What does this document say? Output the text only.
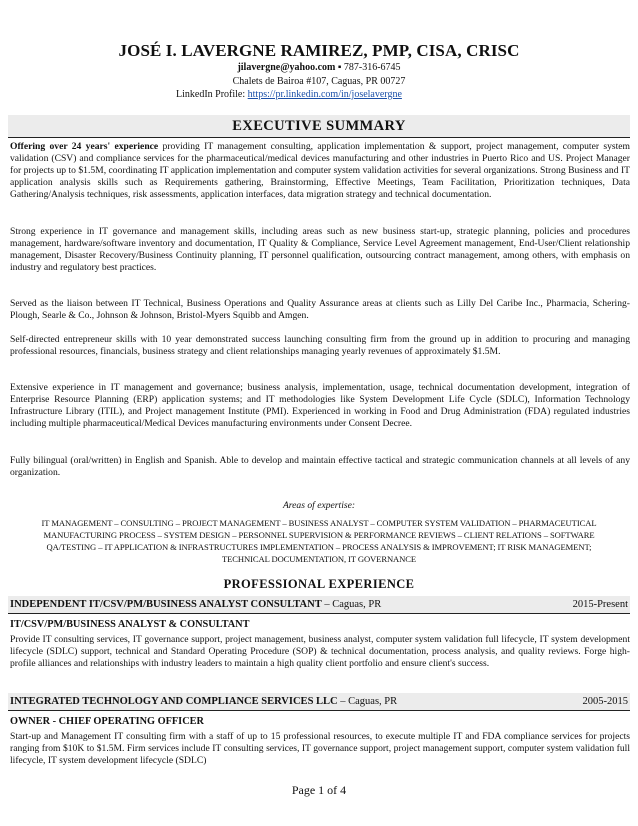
JOSÉ I. LAVERGNE RAMIREZ, PMP, CISA, CRISC
jilavergne@yahoo.com ▪ 787-316-6745
Chalets de Bairoa #107, Caguas, PR 00727
LinkedIn Profile: https://pr.linkedin.com/in/joselavergne
EXECUTIVE SUMMARY
Offering over 24 years' experience providing IT management consulting, application implementation & support, project management, computer system validation (CSV) and compliance services for the pharmaceutical/medical devices manufacturing and other industries in Puerto Rico and US. Project Manager for projects up to $1.5M, coordinating IT application implementation and computer system validation activities for several organizations. Strong Business and IT application analysis skills such as Requirements gathering, Brainstorming, Effective Meetings, Team Facilitation, Prioritization techniques, Data Gathering/Analysis techniques, risk assessments, application interfaces, data migration strategy and technical documentation.
Strong experience in IT governance and management skills, including areas such as new business start-up, strategic planning, policies and procedures management, hardware/software inventory and documentation, IT Quality & Compliance, Service Level Agreement management, End-User/Client relationship management, Disaster Recovery/Business Continuity planning, IT personnel qualification, outsourcing contract management, among others, with emphasis on industry and regulatory best practices.
Served as the liaison between IT Technical, Business Operations and Quality Assurance areas at clients such as Lilly Del Caribe Inc., Pharmacia, Schering-Plough, Searle & Co., Johnson & Johnson, Bristol-Myers Squibb and Amgen.
Self-directed entrepreneur skills with 10 year demonstrated success launching consulting firm from the ground up in addition to procuring and managing professional resources, financials, business strategy and client relationships managing yearly revenues of approximately $1.5M.
Extensive experience in IT management and governance; business analysis, implementation, usage, technical documentation development, integration of Enterprise Resource Planning (ERP) application systems; and IT methodologies like System Development Life Cycle (SDLC), Information Technology Infrastructure Library (ITIL), and Project management Institute (PMI). Experienced in working in Food and Drug Administration (FDA) regulated industries including multiple pharmaceutical/Medical Devices manufacturing environments under Consent Decree.
Fully bilingual (oral/written) in English and Spanish. Able to develop and maintain effective tactical and strategic communication channels at all levels of any organization.
Areas of expertise:
IT MANAGEMENT – CONSULTING – PROJECT MANAGEMENT – BUSINESS ANALYST – COMPUTER SYSTEM VALIDATION – PHARMACEUTICAL MANUFACTURING PROCESS – SYSTEM DESIGN – PERSONNEL SUPERVISION & PERFORMANCE REVIEWS – CLIENT RELATIONS – SOFTWARE QA/TESTING – IT APPLICATION & INFRASTRUCTURES IMPLEMENTATION – PROCESS ANALYSIS & IMPROVEMENT; IT RISK MANAGEMENT; TECHNICAL DOCUMENTATION, IT GOVERNANCE
PROFESSIONAL EXPERIENCE
INDEPENDENT IT/CSV/PM/BUSINESS ANALYST CONSULTANT – Caguas, PR	2015-Present
IT/CSV/PM/BUSINESS ANALYST & CONSULTANT
Provide IT consulting services, IT governance support, project management, business analyst, computer system validation full lifecycle, IT system development lifecycle (SDLC) support, technical and Standard Operating Procedure (SOP) & technical documentation, process analysis, and quality reviews. Forge high-profile alliances and relationships with industry leaders to maintain a high quality client portfolio and ensure client's success.
INTEGRATED TECHNOLOGY AND COMPLIANCE SERVICES LLC – Caguas, PR	2005-2015
OWNER - CHIEF OPERATING OFFICER
Start-up and Management IT consulting firm with a staff of up to 15 professional resources, to execute multiple IT and FDA compliance services for projects ranging from $10K to $1.5M. Firm services include IT consulting services, IT governance support, project management support, computer system validation full lifecycle, IT system development lifecycle (SDLC)
Page 1 of 4
